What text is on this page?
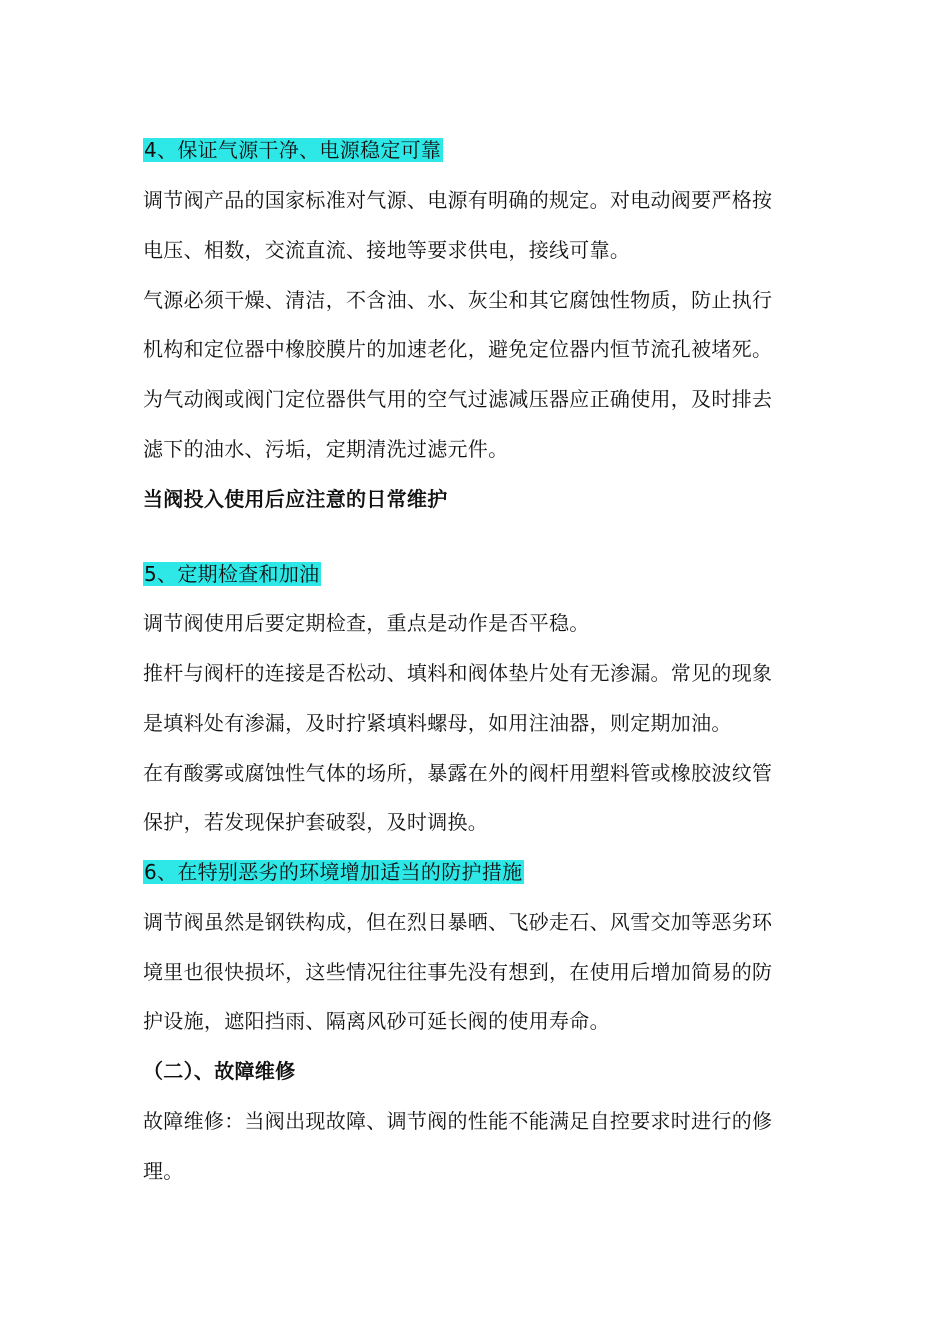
4、保证气源干净、电源稳定可靠
调节阀产品的国家标准对气源、电源有明确的规定。对电动阀要严格按
电压、相数，交流直流、接地等要求供电，接线可靠。
气源必须干燥、清洁，不含油、水、灰尘和其它腐蚀性物质，防止执行
机构和定位器中橡胶膜片的加速老化，避免定位器内恒节流孔被堵死。
为气动阀或阀门定位器供气用的空气过滤减压器应正确使用，及时排去
滤下的油水、污垢，定期清洗过滤元件。
当阀投入使用后应注意的日常维护
5、定期检查和加油
调节阀使用后要定期检查，重点是动作是否平稳。
推杆与阀杆的连接是否松动、填料和阀体垫片处有无渗漏。常见的现象
是填料处有渗漏，及时拧紧填料螺母，如用注油器，则定期加油。
在有酸雾或腐蚀性气体的场所，暴露在外的阀杆用塑料管或橡胶波纹管
保护，若发现保护套破裂，及时调换。
6、在特别恶劣的环境增加适当的防护措施
调节阀虽然是钢铁构成，但在烈日暴晒、飞砂走石、风雪交加等恶劣环
境里也很快损坏，这些情况往往事先没有想到，在使用后增加简易的防
护设施，遮阳挡雨、隔离风砂可延长阀的使用寿命。
（二）、故障维修
故障维修：当阀出现故障、调节阀的性能不能满足自控要求时进行的修
理。
